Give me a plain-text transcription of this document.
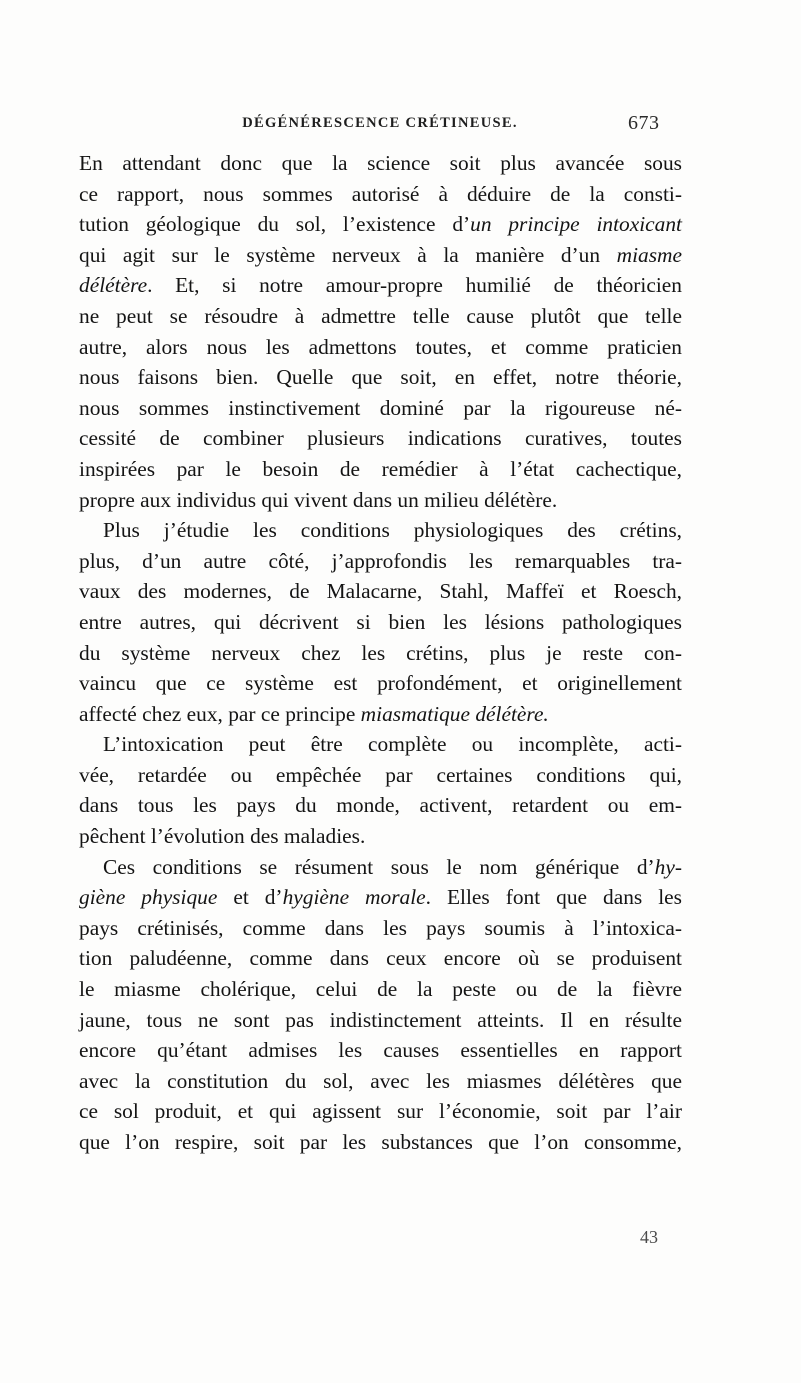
DÉGÉNÉRESCENCE CRÉTINEUSE.	673
En attendant donc que la science soit plus avancée sous
ce rapport, nous sommes autorisé à déduire de la consti-
tution géologique du sol, l’existence d’un principe intoxicant
qui agit sur le système nerveux à la manière d’un miasme
délétère. Et, si notre amour-propre humilié de théoricien
ne peut se résoudre à admettre telle cause plutôt que telle
autre, alors nous les admettons toutes, et comme praticien
nous faisons bien. Quelle que soit, en effet, notre théorie,
nous sommes instinctivement dominé par la rigoureuse né-
cessité de combiner plusieurs indications curatives, toutes
inspirées par le besoin de remédier à l’état cachectique,
propre aux individus qui vivent dans un milieu délétère.
Plus j’étudie les conditions physiologiques des crétins,
plus, d’un autre côté, j’approfondis les remarquables tra-
vaux des modernes, de Malacarne, Stahl, Maffeï et Roesch,
entre autres, qui décrivent si bien les lésions pathologiques
du système nerveux chez les crétins, plus je reste con-
vaincu que ce système est profondément, et originellement
affecté chez eux, par ce principe miasmatique délétère.
L’intoxication peut être complète ou incomplète, acti-
vée, retardée ou empêchée par certaines conditions qui,
dans tous les pays du monde, activent, retardent ou em-
pêchent l’évolution des maladies.
Ces conditions se résument sous le nom générique d’hy-
giène physique et d’hygiène morale. Elles font que dans les
pays crétinisés, comme dans les pays soumis à l’intoxica-
tion paludéenne, comme dans ceux encore où se produisent
le miasme cholérique, celui de la peste ou de la fièvre
jaune, tous ne sont pas indistinctement atteints. Il en résulte
encore qu’étant admises les causes essentielles en rapport
avec la constitution du sol, avec les miasmes délétères que
ce sol produit, et qui agissent sur l’économie, soit par l’air
que l’on respire, soit par les substances que l’on consomme,
43
